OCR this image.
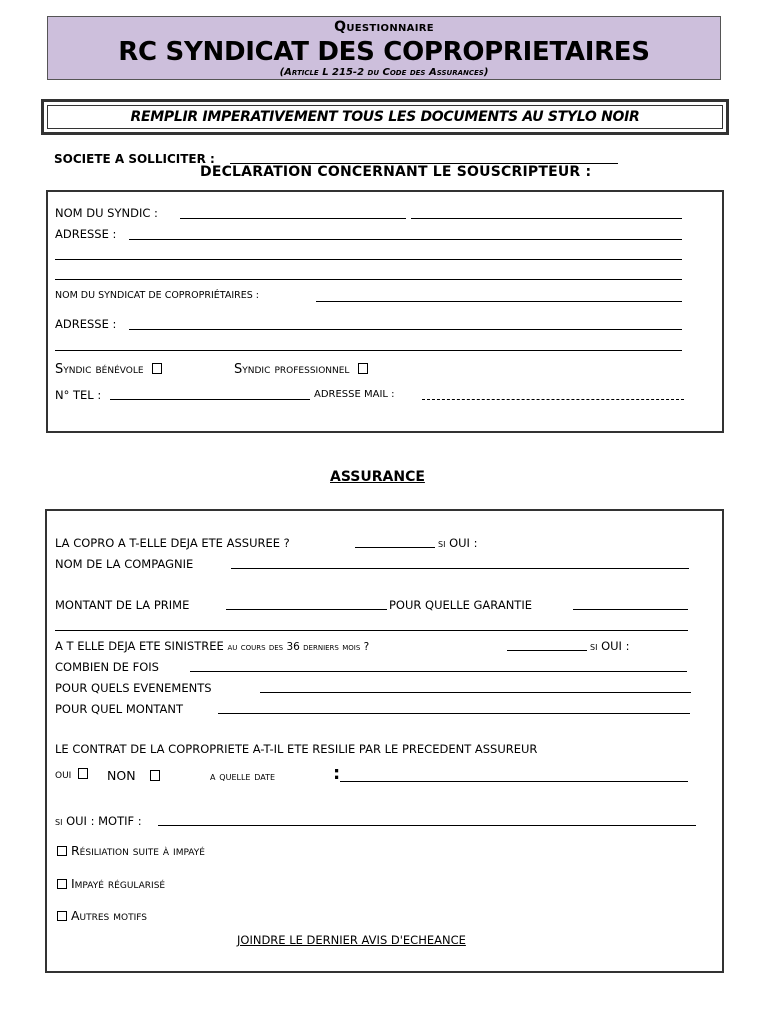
Questionnaire
RC SYNDICAT DES COPROPRIETAIRES
(Article L 215-2 du Code des Assurances)
REMPLIR IMPERATIVEMENT TOUS LES DOCUMENTS AU STYLO NOIR
SOCIETE A SOLLICITER :
DECLARATION CONCERNANT LE SOUSCRIPTEUR :
NOM DU SYNDIC :
ADRESSE :
NOM DU SYNDICAT DE COPROPRIÉTAIRES :
ADRESSE :
Syndic bénévole	Syndic professionnel
N° TEL :	ADRESSE MAIL :
ASSURANCE
LA COPRO A T-ELLE DEJA ETE ASSUREE ?	si OUI :
NOM DE LA COMPAGNIE
MONTANT DE LA PRIME	POUR QUELLE GARANTIE
A T ELLE DEJA ETE SINISTREE au cours des 36 derniers mois ?	si OUI :
COMBIEN DE FOIS
POUR QUELS EVENEMENTS
POUR QUEL MONTANT
LE CONTRAT DE LA COPROPRIETE A-T-IL ETE RESILIE PAR LE PRECEDENT ASSUREUR
oui	NON	a quelle date	:
si OUI : MOTIF :
Résiliation suite à impayé
Impayé régularisé
Autres motifs
JOINDRE LE DERNIER AVIS D'ECHEANCE
